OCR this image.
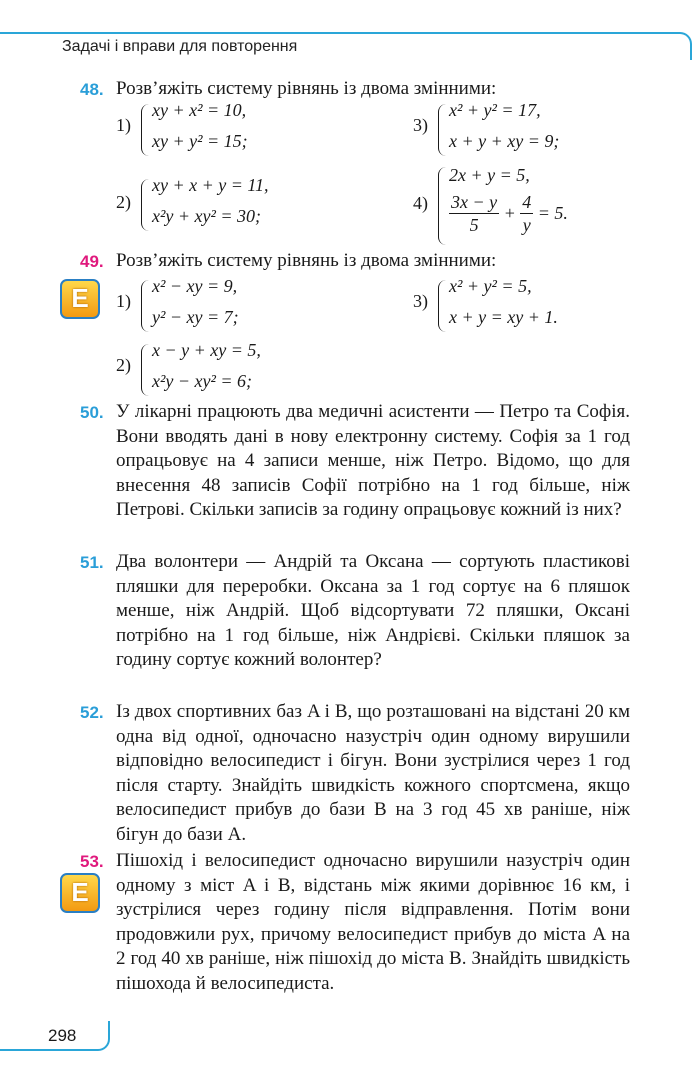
Задачі і вправи для повторення
48. Розв’яжіть систему рівнянь із двома змінними:
1)
xy + x² = 10,
xy + y² = 15;
3)
x² + y² = 17,
x + y + xy = 9;
2)
xy + x + y = 11,
x²y + xy² = 30;
4)
2x + y = 5,
$\frac{3x - y}{5} + \frac{4}{y} = 5$.
49. Розв’яжіть систему рівнянь із двома змінними:
E	1)
x² − xy = 9,
y² − xy = 7;
3)
x² + y² = 5,
x + y = xy + 1.
2)
x − y + xy = 5,
x²y − xy² = 6;
50. У лікарні працюють два медичні асистенти — Петро та Софія. Вони вводять дані в нову електронну систему. Софія за 1 год опрацьовує на 4 записи менше, ніж Петро. Відомо, що для внесення 48 записів Софії потрібно на 1 год більше, ніж Петрові. Скільки записів за годину опрацьовує кожний із них?
51. Два волонтери — Андрій та Оксана — сортують пластикові пляшки для переробки. Оксана за 1 год сортує на 6 пляшок менше, ніж Андрій. Щоб відсортувати 72 пляшки, Оксані потрібно на 1 год більше, ніж Андрієві. Скільки пляшок за годину сортує кожний волонтер?
52. Із двох спортивних баз A і B, що розташовані на відстані 20 км одна від одної, одночасно назустріч один одному вирушили відповідно велосипедист і бігун. Вони зустрілися через 1 год після старту. Знайдіть швидкість кожного спортсмена, якщо велосипедист прибув до бази B на 3 год 45 хв раніше, ніж бігун до бази A.
53. Пішохід і велосипедист одночасно вирушили назустріч один одному з міст A і B, відстань між якими дорівнює 16 км, і зустрілися через годину після відправлення. Потім вони продовжили рух, причому велосипедист прибув до міста A на 2 год 40 хв раніше, ніж пішохід до міста B. Знайдіть швидкість пішохода й велосипедиста.
E
298
